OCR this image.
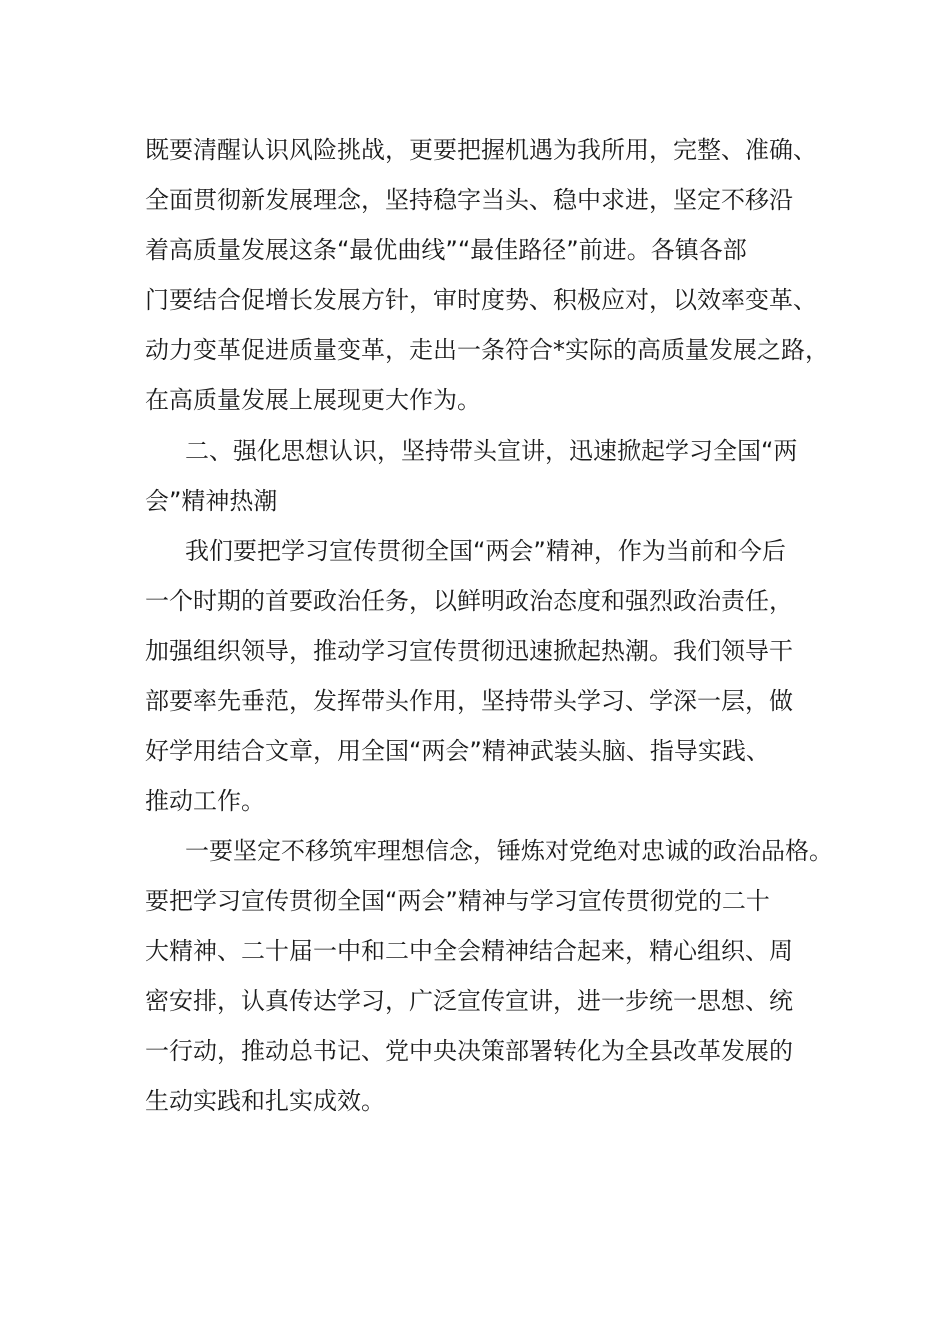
既要清醒认识风险挑战，更要把握机遇为我所用，完整、准确、
全面贯彻新发展理念，坚持稳字当头、稳中求进，坚定不移沿
着高质量发展这条“最优曲线”“最佳路径”前进。各镇各部
门要结合促增长发展方针，审时度势、积极应对，以效率变革、
动力变革促进质量变革，走出一条符合*实际的高质量发展之路，
在高质量发展上展现更大作为。
二、强化思想认识，坚持带头宣讲，迅速掀起学习全国“两
会”精神热潮
我们要把学习宣传贯彻全国“两会”精神，作为当前和今后
一个时期的首要政治任务，以鲜明政治态度和强烈政治责任，
加强组织领导，推动学习宣传贯彻迅速掀起热潮。我们领导干
部要率先垂范，发挥带头作用，坚持带头学习、学深一层，做
好学用结合文章，用全国“两会”精神武装头脑、指导实践、
推动工作。
一要坚定不移筑牢理想信念，锤炼对党绝对忠诚的政治品格。
要把学习宣传贯彻全国“两会”精神与学习宣传贯彻党的二十
大精神、二十届一中和二中全会精神结合起来，精心组织、周
密安排，认真传达学习，广泛宣传宣讲，进一步统一思想、统
一行动，推动总书记、党中央决策部署转化为全县改革发展的
生动实践和扎实成效。
